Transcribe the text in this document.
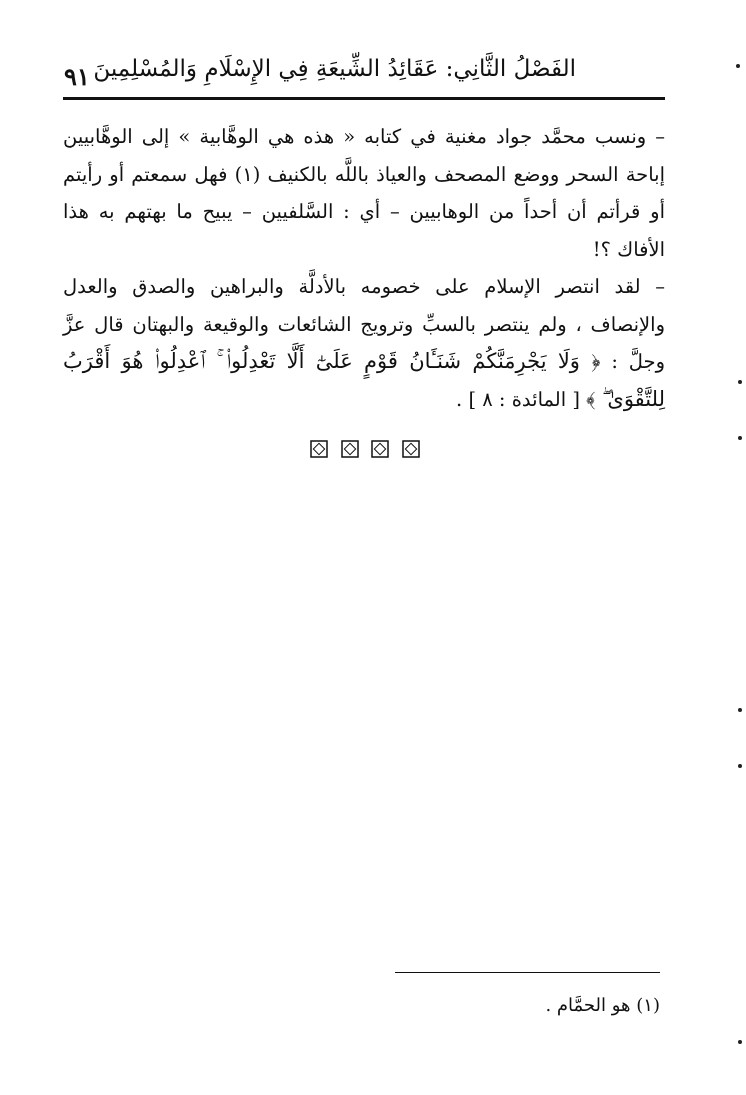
٩١ الفَصْلُ الثَّانِي: عَقَائِدُ الشِّيعَةِ فِي الإِسْلَامِ وَالمُسْلِمِينَ

– ونسب محمَّد جواد مغنية في كتابه « هذه هي الوهَّابية » إلى الوهَّابيين إباحة السحر ووضع المصحف والعياذ باللَّه بالكنيف (١) فهل سمعتم أو رأيتم أو قرأتم أن أحداً من الوهابيين – أي : السَّلفيين – يبيح ما بهتهم به هذا الأفاك ؟!

– لقد انتصر الإسلام على خصومه بالأدلَّة والبراهين والصدق والعدل والإنصاف ، ولم ينتصر بالسبِّ وترويج الشائعات والوقيعة والبهتان قال عزَّ وجلَّ : ﴿ وَلَا يَجْرِمَنَّكُمْ شَنَـَٔانُ قَوْمٍ عَلَىٰٓ أَلَّا تَعْدِلُوا۟ ۚ ٱعْدِلُوا۟ هُوَ أَقْرَبُ لِلتَّقْوَىٰ ۖ ﴾ [ المائدة : ٨ ] .

(١) هو الحمَّام .
